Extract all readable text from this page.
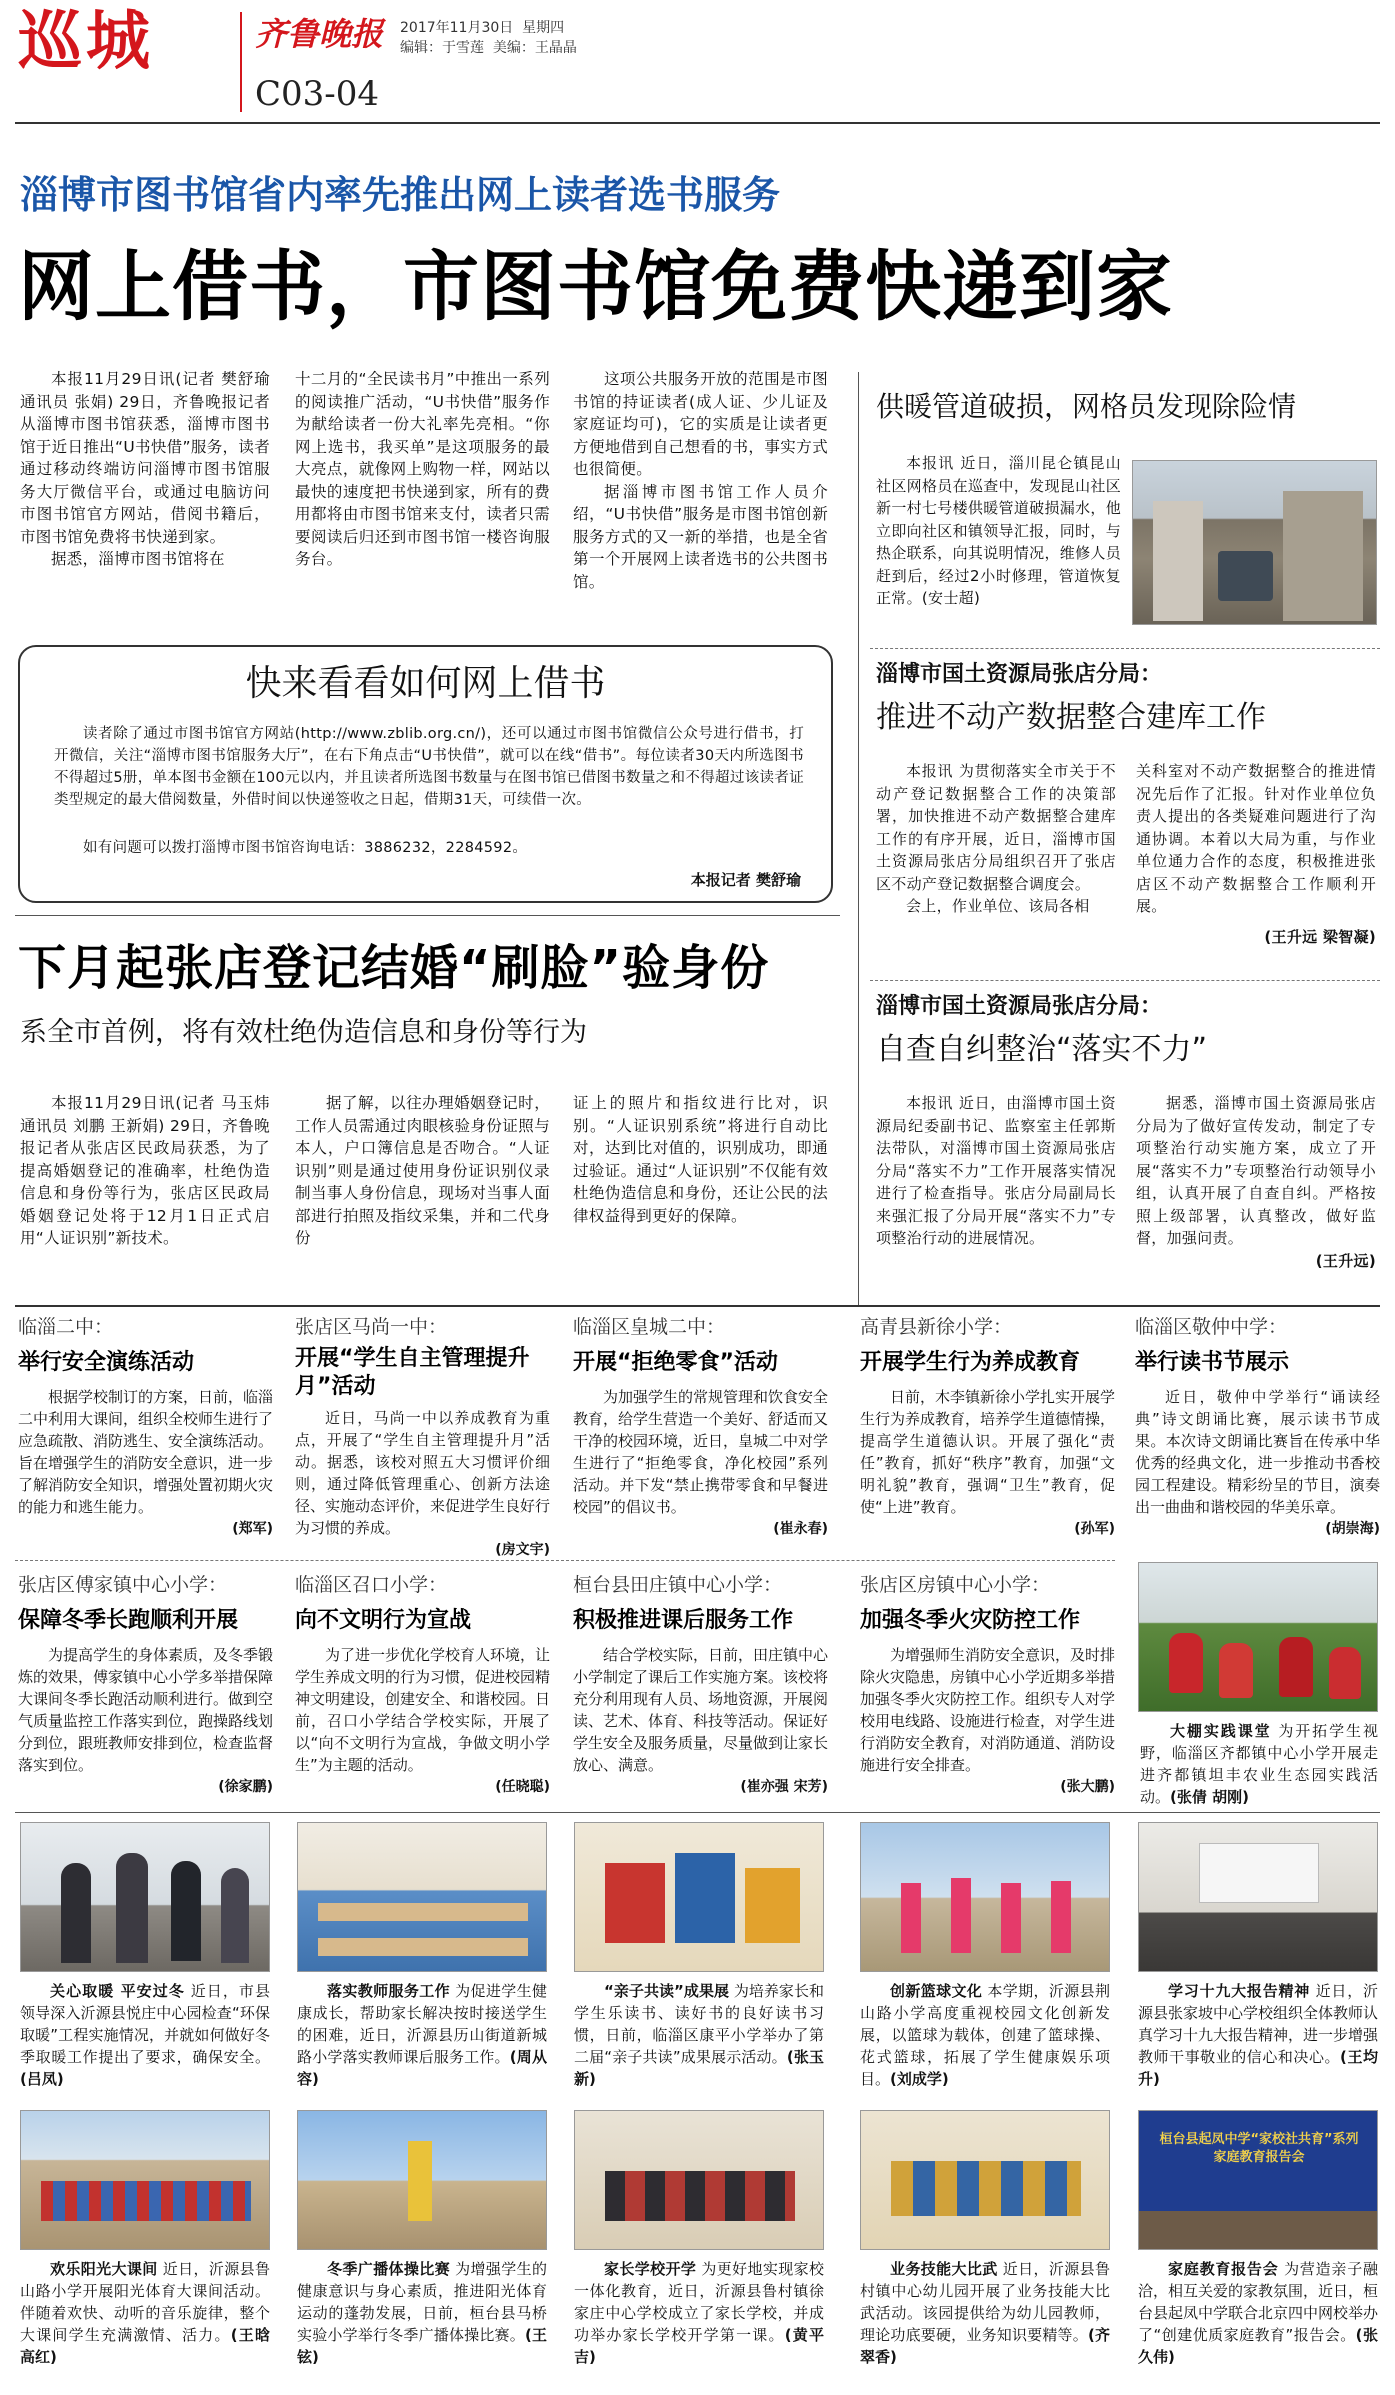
巡城	齐鲁晚报 2017年11月30日 星期四
编辑：于雪莲 美编：王晶晶
C03-04
淄博市图书馆省内率先推出网上读者选书服务
网上借书，市图书馆免费快递到家
本报11月29日讯(记者 樊舒瑜 通讯员 张娟) 29日，齐鲁晚报记者从淄博市图书馆获悉，淄博市图书馆于近日推出“U书快借”服务，读者通过移动终端访问淄博市图书馆服务大厅微信平台，或通过电脑访问市图书馆官方网站，借阅书籍后，市图书馆免费将书快递到家。
据悉，淄博市图书馆将在
十二月的“全民读书月”中推出一系列的阅读推广活动，“U书快借”服务作为献给读者一份大礼率先亮相。“你网上选书，我买单”是这项服务的最大亮点，就像网上购物一样，网站以最快的速度把书快递到家，所有的费用都将由市图书馆来支付，读者只需要阅读后归还到市图书馆一楼咨询服务台。
这项公共服务开放的范围是市图书馆的持证读者(成人证、少儿证及家庭证均可)，它的实质是让读者更方便地借到自己想看的书，事实方式也很简便。
据淄博市图书馆工作人员介绍，“U书快借”服务是市图书馆创新服务方式的又一新的举措，也是全省第一个开展网上读者选书的公共图书馆。
快来看看如何网上借书
读者除了通过市图书馆官方网站(http://www.zblib.org.cn/)，还可以通过市图书馆微信公众号进行借书，打开微信，关注“淄博市图书馆服务大厅”，在右下角点击“U书快借”，就可以在线“借书”。每位读者30天内所选图书不得超过5册，单本图书金额在100元以内，并且读者所选图书数量与在图书馆已借图书数量之和不得超过该读者证类型规定的最大借阅数量，外借时间以快递签收之日起，借期31天，可续借一次。
如有问题可以拨打淄博市图书馆咨询电话：3886232，2284592。
本报记者 樊舒瑜
下月起张店登记结婚“刷脸”验身份
系全市首例，将有效杜绝伪造信息和身份等行为
本报11月29日讯(记者 马玉炜 通讯员 刘鹏 王新娟) 29日，齐鲁晚报记者从张店区民政局获悉，为了提高婚姻登记的准确率，杜绝伪造信息和身份等行为，张店区民政局婚姻登记处将于12月1日正式启用“人证识别”新技术。
据了解，以往办理婚姻登记时，工作人员需通过肉眼核验身份证照与本人，户口簿信息是否吻合。“人证识别”则是通过使用身份证识别仪录制当事人身份信息，现场对当事人面部进行拍照及指纹采集，并和二代身份
证上的照片和指纹进行比对，识别。“人证识别系统”将进行自动比对，达到比对值的，识别成功，即通过验证。通过“人证识别”不仅能有效杜绝伪造信息和身份，还让公民的法律权益得到更好的保障。
供暖管道破损，网格员发现除险情
本报讯 近日，淄川昆仑镇昆山社区网格员在巡查中，发现昆山社区新一村七号楼供暖管道破损漏水，他立即向社区和镇领导汇报，同时，与热企联系，向其说明情况，维修人员赶到后，经过2小时修理，管道恢复正常。(安士超)
淄博市国土资源局张店分局：
推进不动产数据整合建库工作
本报讯 为贯彻落实全市关于不动产登记数据整合工作的决策部署，加快推进不动产数据整合建库工作的有序开展，近日，淄博市国土资源局张店分局组织召开了张店区不动产登记数据整合调度会。
会上，作业单位、该局各相
关科室对不动产数据整合的推进情况先后作了汇报。针对作业单位负责人提出的各类疑难问题进行了沟通协调。本着以大局为重，与作业单位通力合作的态度，积极推进张店区不动产数据整合工作顺利开展。
(王升远 梁智凝)
淄博市国土资源局张店分局：
自查自纠整治“落实不力”
本报讯 近日，由淄博市国土资源局纪委副书记、监察室主任郭斯法带队，对淄博市国土资源局张店分局“落实不力”工作开展落实情况进行了检查指导。张店分局副局长来强汇报了分局开展“落实不力”专项整治行动的进展情况。
据悉，淄博市国土资源局张店分局为了做好宣传发动，制定了专项整治行动实施方案，成立了开展“落实不力”专项整治行动领导小组，认真开展了自查自纠。严格按照上级部署，认真整改，做好监督，加强问责。
(王升远)
临淄二中：
举行安全演练活动
根据学校制订的方案，日前，临淄二中利用大课间，组织全校师生进行了应急疏散、消防逃生、安全演练活动。旨在增强学生的消防安全意识，进一步了解消防安全知识，增强处置初期火灾的能力和逃生能力。
(郑军)
张店区马尚一中：
开展“学生自主管理提升月”活动
近日，马尚一中以养成教育为重点，开展了“学生自主管理提升月”活动。据悉，该校对照五大习惯评价细则，通过降低管理重心、创新方法途径、实施动态评价，来促进学生良好行为习惯的养成。
(房文宇)
临淄区皇城二中：
开展“拒绝零食”活动
为加强学生的常规管理和饮食安全教育，给学生营造一个美好、舒适而又干净的校园环境，近日，皇城二中对学生进行了“拒绝零食，净化校园”系列活动。并下发“禁止携带零食和早餐进校园”的倡议书。
(崔永春)
高青县新徐小学：
开展学生行为养成教育
日前，木李镇新徐小学扎实开展学生行为养成教育，培养学生道德情操，提高学生道德认识。开展了强化“责任”教育，抓好“秩序”教育，加强“文明礼貌”教育，强调“卫生”教育，促使“上进”教育。
(孙军)
临淄区敬仲中学：
举行读书节展示
近日，敬仲中学举行“诵读经典”诗文朗诵比赛，展示读书节成果。本次诗文朗诵比赛旨在传承中华优秀的经典文化，进一步推动书香校园工程建设。精彩纷呈的节目，演奏出一曲曲和谐校园的华美乐章。
(胡崇海)
张店区傅家镇中心小学：
保障冬季长跑顺利开展
为提高学生的身体素质，及冬季锻炼的效果，傅家镇中心小学多举措保障大课间冬季长跑活动顺利进行。做到空气质量监控工作落实到位，跑操路线划分到位，跟班教师安排到位，检查监督落实到位。
(徐家鹏)
临淄区召口小学：
向不文明行为宣战
为了进一步优化学校育人环境，让学生养成文明的行为习惯，促进校园精神文明建设，创建安全、和谐校园。日前，召口小学结合学校实际，开展了以“向不文明行为宣战，争做文明小学生”为主题的活动。
(任晓聪)
桓台县田庄镇中心小学：
积极推进课后服务工作
结合学校实际，日前，田庄镇中心小学制定了课后工作实施方案。该校将充分利用现有人员、场地资源，开展阅读、艺术、体育、科技等活动。保证好学生安全及服务质量，尽量做到让家长放心、满意。
(崔亦强 宋芳)
张店区房镇中心小学：
加强冬季火灾防控工作
为增强师生消防安全意识，及时排除火灾隐患，房镇中心小学近期多举措加强冬季火灾防控工作。组织专人对学校用电线路、设施进行检查，对学生进行消防安全教育，对消防通道、消防设施进行安全排查。
(张大鹏)
大棚实践课堂 为开拓学生视野，临淄区齐都镇中心小学开展走进齐都镇坦丰农业生态园实践活动。(张倩 胡刚)
关心取暖 平安过冬 近日，市县领导深入沂源县悦庄中心园检查“环保取暖”工程实施情况，并就如何做好冬季取暖工作提出了要求，确保安全。(吕凤)
落实教师服务工作 为促进学生健康成长，帮助家长解决按时接送学生的困难，近日，沂源县历山街道新城路小学落实教师课后服务工作。(周从容)
“亲子共读”成果展 为培养家长和学生乐读书、读好书的良好读书习惯，日前，临淄区康平小学举办了第二届“亲子共读”成果展示活动。(张玉新)
创新篮球文化 本学期，沂源县荆山路小学高度重视校园文化创新发展，以篮球为载体，创建了篮球操、花式篮球，拓展了学生健康娱乐项目。(刘成学)
学习十九大报告精神 近日，沂源县张家坡中心学校组织全体教师认真学习十九大报告精神，进一步增强教师干事敬业的信心和决心。(王均升)
桓台县起凤中学“家校社共育”系列家庭教育报告会
欢乐阳光大课间 近日，沂源县鲁山路小学开展阳光体育大课间活动。伴随着欢快、动听的音乐旋律，整个大课间学生充满激情、活力。(王晗 高红)
冬季广播体操比赛 为增强学生的健康意识与身心素质，推进阳光体育运动的蓬勃发展，日前，桓台县马桥实验小学举行冬季广播体操比赛。(王铉)
家长学校开学 为更好地实现家校一体化教育，近日，沂源县鲁村镇徐家庄中心学校成立了家长学校，并成功举办家长学校开学第一课。(黄平吉)
业务技能大比武 近日，沂源县鲁村镇中心幼儿园开展了业务技能大比武活动。该园提供给为幼儿园教师，理论功底要硬，业务知识要精等。(齐翠香)
家庭教育报告会 为营造亲子融洽，相互关爱的家教氛围，近日，桓台县起凤中学联合北京四中网校举办了“创建优质家庭教育”报告会。(张久伟)
